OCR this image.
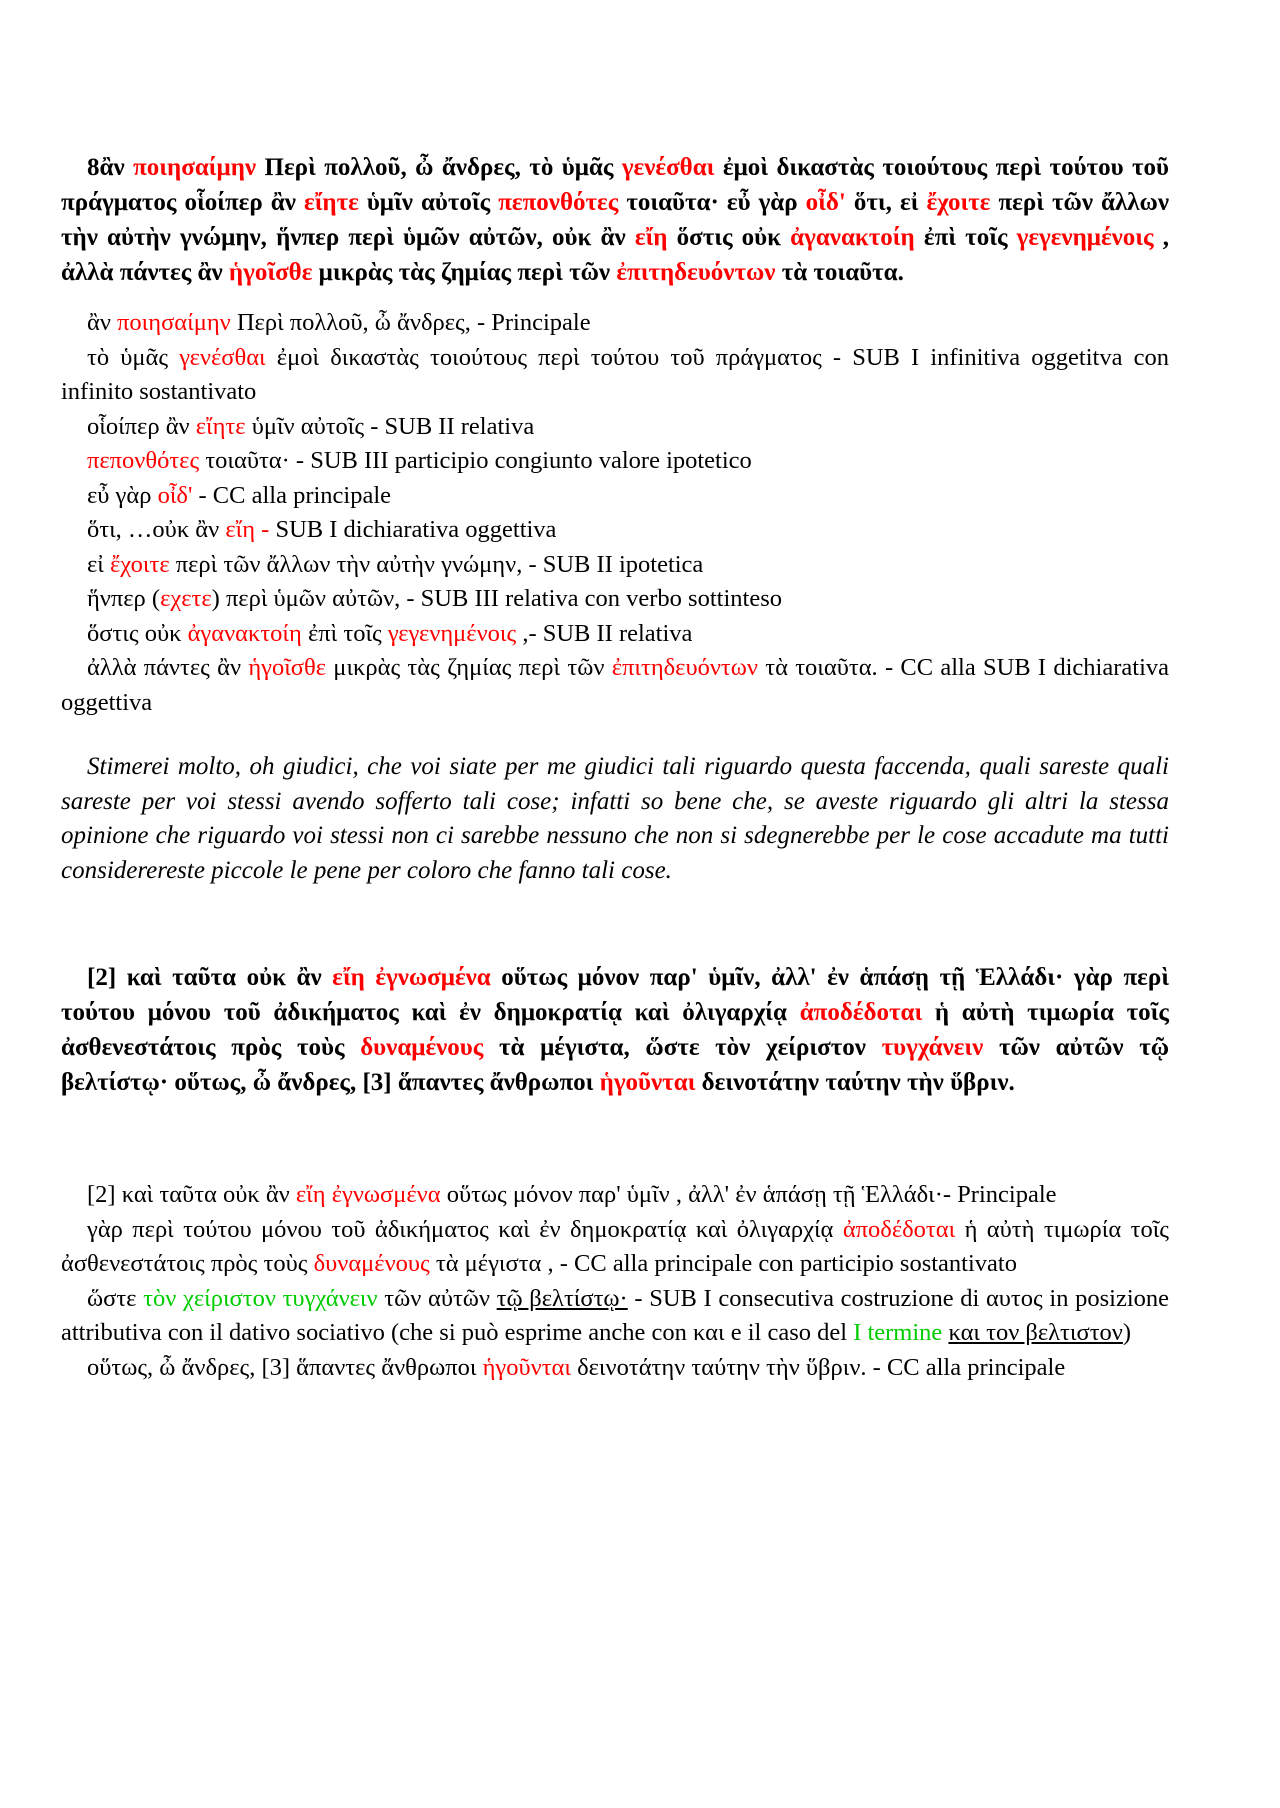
8ἂν ποιησαίμην Περὶ πολλοῦ, ὦ ἄνδρες, τὸ ὑμᾶς γενέσθαι ἐμοὶ δικαστὰς τοιούτους περὶ τούτου τοῦ πράγματος οἷοίπερ ἂν εἴητε ὑμῖν αὐτοῖς πεπονθότες τοιαῦτα· εὖ γὰρ οἶδ' ὅτι, εἰ ἔχοιτε περὶ τῶν ἄλλων τὴν αὐτὴν γνώμην, ἥνπερ περὶ ὑμῶν αὐτῶν, οὐκ ἂν εἴη ὅστις οὐκ ἀγανακτοίη ἐπὶ τοῖς γεγενημένοις , ἀλλὰ πάντες ἂν ἡγοῖσθε μικρὰς τὰς ζημίας περὶ τῶν ἐπιτηδευόντων τὰ τοιαῦτα.

ἂν ποιησαίμην Περὶ πολλοῦ, ὦ ἄνδρες, - Principale
τὸ ὑμᾶς γενέσθαι ἐμοὶ δικαστὰς τοιούτους περὶ τούτου τοῦ πράγματος - SUB I infinitiva oggetitva con infinito sostantivato
οἷοίπερ ἂν εἴητε ὑμῖν αὐτοῖς - SUB II relativa
πεπονθότες τοιαῦτα· - SUB III participio congiunto valore ipotetico
εὖ γὰρ οἶδ' - CC alla principale
ὅτι, …οὐκ ἂν εἴη - SUB I dichiarativa oggettiva
εἰ ἔχοιτε περὶ τῶν ἄλλων τὴν αὐτὴν γνώμην, - SUB II ipotetica
ἥνπερ (εχετε) περὶ ὑμῶν αὐτῶν, - SUB III relativa con verbo sottinteso
ὅστις οὐκ ἀγανακτοίη ἐπὶ τοῖς γεγενημένοις ,- SUB II relativa
ἀλλὰ πάντες ἂν ἡγοῖσθε μικρὰς τὰς ζημίας περὶ τῶν ἐπιτηδευόντων τὰ τοιαῦτα. - CC alla SUB I dichiarativa oggettiva

Stimerei molto, oh giudici, che voi siate per me giudici tali riguardo questa faccenda, quali sareste quali sareste per voi stessi avendo sofferto tali cose; infatti so bene che, se aveste riguardo gli altri la stessa opinione che riguardo voi stessi non ci sarebbe nessuno che non si sdegnerebbe per le cose accadute ma tutti considerereste piccole le pene per coloro che fanno tali cose.

[2] καὶ ταῦτα οὐκ ἂν εἴη ἐγνωσμένα οὕτως μόνον παρ' ὑμῖν, ἀλλ' ἐν ἁπάσῃ τῇ Ἑλλάδι· γὰρ περὶ τούτου μόνου τοῦ ἀδικήματος καὶ ἐν δημοκρατίᾳ καὶ ὀλιγαρχίᾳ ἀποδέδοται ἡ αὐτὴ τιμωρία τοῖς ἀσθενεστάτοις πρὸς τοὺς δυναμένους τὰ μέγιστα, ὥστε τὸν χείριστον τυγχάνειν τῶν αὐτῶν τῷ βελτίστῳ· οὕτως, ὦ ἄνδρες, [3] ἅπαντες ἄνθρωποι ἡγοῦνται δεινοτάτην ταύτην τὴν ὕβριν.

[2] καὶ ταῦτα οὐκ ἂν εἴη ἐγνωσμένα οὕτως μόνον παρ' ὑμῖν , ἀλλ' ἐν ἁπάσῃ τῇ Ἑλλάδι·- Principale
γὰρ περὶ τούτου μόνου τοῦ ἀδικήματος καὶ ἐν δημοκρατίᾳ καὶ ὀλιγαρχίᾳ ἀποδέδοται ἡ αὐτὴ τιμωρία τοῖς ἀσθενεστάτοις πρὸς τοὺς δυναμένους τὰ μέγιστα , - CC alla principale con participio sostantivato
ὥστε τὸν χείριστον τυγχάνειν τῶν αὐτῶν τῷ βελτίστῳ· - SUB I consecutiva costruzione di αυτος in posizione attributiva con il dativo sociativo (che si può esprime anche con και e il caso del I termine και τον βελτιστον)
οὕτως, ὦ ἄνδρες, [3] ἅπαντες ἄνθρωποι ἡγοῦνται δεινοτάτην ταύτην τὴν ὕβριν. - CC alla principale
